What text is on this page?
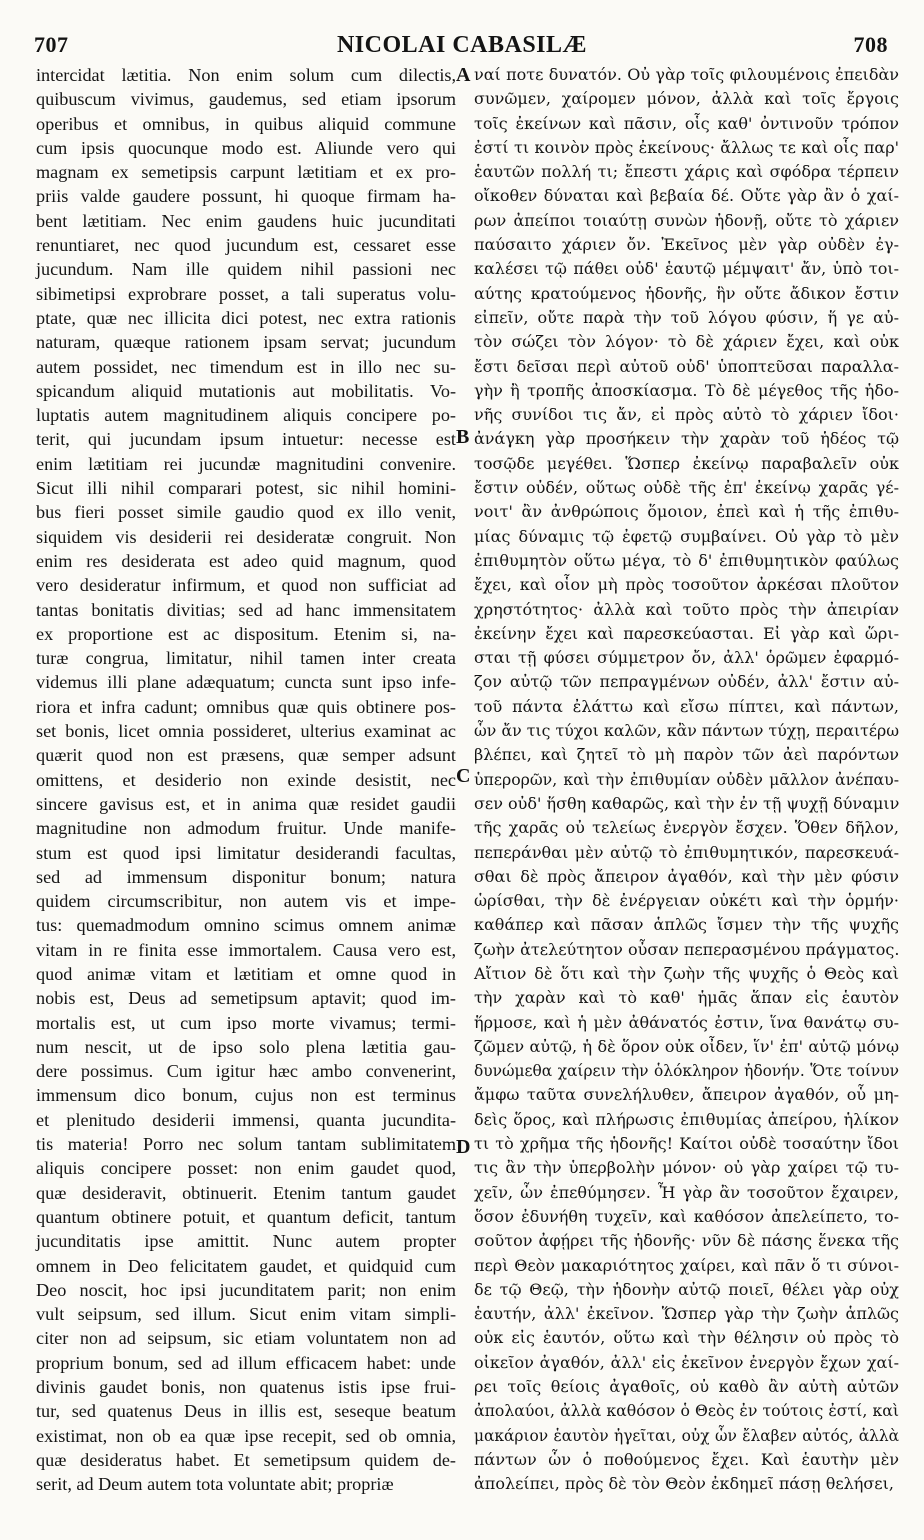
707	NICOLAI CABASILÆ	708
intercidat lætitia. Non enim solum cum dilectis,
quibuscum vivimus, gaudemus, sed etiam ipsorum
operibus et omnibus, in quibus aliquid commune
cum ipsis quocunque modo est. Aliunde vero qui
magnam ex semetipsis carpunt lætitiam et ex pro-
priis valde gaudere possunt, hi quoque firmam ha-
bent lætitiam. Nec enim gaudens huic jucunditati
renuntiaret, nec quod jucundum est, cessaret esse
jucundum. Nam ille quidem nihil passioni nec
sibimetipsi exprobrare posset, a tali superatus volu-
ptate, quæ nec illicita dici potest, nec extra rationis
naturam, quæque rationem ipsam servat; jucundum
autem possidet, nec timendum est in illo nec su-
spicandum aliquid mutationis aut mobilitatis. Vo-
luptatis autem magnitudinem aliquis concipere po-
terit, qui jucundam ipsum intuetur: necesse est
enim lætitiam rei jucundæ magnitudini convenire.
Sicut illi nihil comparari potest, sic nihil homini-
bus fieri posset simile gaudio quod ex illo venit,
siquidem vis desiderii rei desideratæ congruit. Non
enim res desiderata est adeo quid magnum, quod
vero desideratur infirmum, et quod non sufficiat ad
tantas bonitatis divitias; sed ad hanc immensitatem
ex proportione est ac dispositum. Etenim si, na-
turæ congrua, limitatur, nihil tamen inter creata
videmus illi plane adæquatum; cuncta sunt ipso infe-
riora et infra cadunt; omnibus quæ quis obtinere pos-
set bonis, licet omnia possideret, ulterius examinat ac
quærit quod non est præsens, quæ semper adsunt
omittens, et desiderio non exinde desistit, nec
sincere gavisus est, et in anima quæ residet gaudii
magnitudine non admodum fruitur. Unde manife-
stum est quod ipsi limitatur desiderandi facultas,
sed ad immensum disponitur bonum; natura
quidem circumscribitur, non autem vis et impe-
tus: quemadmodum omnino scimus omnem animæ
vitam in re finita esse immortalem. Causa vero est,
quod animæ vitam et lætitiam et omne quod in
nobis est, Deus ad semetipsum aptavit; quod im-
mortalis est, ut cum ipso morte vivamus; termi-
num nescit, ut de ipso solo plena lætitia gau-
dere possimus. Cum igitur hæc ambo convenerint,
immensum dico bonum, cujus non est terminus
et plenitudo desiderii immensi, quanta jucundita-
tis materia! Porro nec solum tantam sublimitatem
aliquis concipere posset: non enim gaudet quod,
quæ desideravit, obtinuerit. Etenim tantum gaudet
quantum obtinere potuit, et quantum deficit, tantum
jucunditatis ipse amittit. Nunc autem propter
omnem in Deo felicitatem gaudet, et quidquid cum
Deo noscit, hoc ipsi jucunditatem parit; non enim
vult seipsum, sed illum. Sicut enim vitam simpli-
citer non ad seipsum, sic etiam voluntatem non ad
proprium bonum, sed ad illum efficacem habet: unde
divinis gaudet bonis, non quatenus istis ipse frui-
tur, sed quatenus Deus in illis est, seseque beatum
existimat, non ob ea quæ ipse recepit, sed ob omnia,
quæ desideratus habet. Et semetipsum quidem de-
serit, ad Deum autem tota voluntate abit; propriæ
ναί ποτε δυνατόν. Οὐ γὰρ τοῖς φιλουμένοις ἐπειδὰν
συνῶμεν, χαίρομεν μόνον, ἀλλὰ καὶ τοῖς ἔργοις
τοῖς ἐκείνων καὶ πᾶσιν, οἷς καθ' ὀντινοῦν τρόπον
ἐστί τι κοινὸν πρὸς ἐκείνους· ἄλλως τε καὶ οἷς παρ'
ἑαυτῶν πολλή τι; ἔπεστι χάρις καὶ σφόδρα τέρπειν
οἴκοθεν δύναται καὶ βεβαία δέ. Οὔτε γὰρ ἂν ὁ χαί-
ρων ἀπείποι τοιαύτῃ συνὼν ἡδονῇ, οὔτε τὸ χάριεν
παύσαιτο χάριεν ὄν. Ἐκεῖνος μὲν γὰρ οὐδὲν ἐγ-
καλέσει τῷ πάθει οὐδ' ἑαυτῷ μέμψαιτ' ἄν, ὑπὸ τοι-
αύτης κρατούμενος ἡδονῆς, ἣν οὔτε ἄδικον ἔστιν
εἰπεῖν, οὔτε παρὰ τὴν τοῦ λόγου φύσιν, ἥ γε αὐ-
τὸν σώζει τὸν λόγον· τὸ δὲ χάριεν ἔχει, καὶ οὐκ
ἔστι δεῖσαι περὶ αὐτοῦ οὐδ' ὑποπτεῦσαι παραλλα-
γὴν ἢ τροπῆς ἀποσκίασμα. Τὸ δὲ μέγεθος τῆς ἡδο-
νῆς συνίδοι τις ἄν, εἰ πρὸς αὐτὸ τὸ χάριεν ἴδοι·
ἀνάγκη γὰρ προσήκειν τὴν χαρὰν τοῦ ἡδέος τῷ
τοσῷδε μεγέθει. Ὥσπερ ἐκείνῳ παραβαλεῖν οὐκ
ἔστιν οὐδέν, οὕτως οὐδὲ τῆς ἐπ' ἐκείνῳ χαρᾶς γέ-
νοιτ' ἂν ἀνθρώποις ὅμοιον, ἐπεὶ καὶ ἡ τῆς ἐπιθυ-
μίας δύναμις τῷ ἐφετῷ συμβαίνει. Οὐ γὰρ τὸ μὲν
ἐπιθυμητὸν οὕτω μέγα, τὸ δ' ἐπιθυμητικὸν φαύλως
ἔχει, καὶ οἷον μὴ πρὸς τοσοῦτον ἀρκέσαι πλοῦτον
χρηστότητος· ἀλλὰ καὶ τοῦτο πρὸς τὴν ἀπειρίαν
ἐκείνην ἔχει καὶ παρεσκεύασται. Εἰ γὰρ καὶ ὥρι-
σται τῇ φύσει σύμμετρον ὄν, ἀλλ' ὁρῶμεν ἐφαρμό-
ζον αὐτῷ τῶν πεπραγμένων οὐδέν, ἀλλ' ἔστιν αὐ-
τοῦ πάντα ἐλάττω καὶ εἴσω πίπτει, καὶ πάντων,
ὧν ἄν τις τύχοι καλῶν, κἂν πάντων τύχῃ, περαιτέρω
βλέπει, καὶ ζητεῖ τὸ μὴ παρὸν τῶν ἀεὶ παρόντων
ὑπερορῶν, καὶ τὴν ἐπιθυμίαν οὐδὲν μᾶλλον ἀνέπαυ-
σεν οὐδ' ἥσθη καθαρῶς, καὶ τὴν ἐν τῇ ψυχῇ δύναμιν
τῆς χαρᾶς οὐ τελείως ἐνεργὸν ἔσχεν. Ὅθεν δῆλον,
πεπεράνθαι μὲν αὐτῷ τὸ ἐπιθυμητικόν, παρεσκευά-
σθαι δὲ πρὸς ἄπειρον ἀγαθόν, καὶ τὴν μὲν φύσιν
ὡρίσθαι, τὴν δὲ ἐνέργειαν οὐκέτι καὶ τὴν ὁρμήν·
καθάπερ καὶ πᾶσαν ἁπλῶς ἴσμεν τὴν τῆς ψυχῆς
ζωὴν ἀτελεύτητον οὖσαν πεπερασμένου πράγματος.
Αἴτιον δὲ ὅτι καὶ τὴν ζωὴν τῆς ψυχῆς ὁ Θεὸς καὶ
τὴν χαρὰν καὶ τὸ καθ' ἡμᾶς ἅπαν εἰς ἑαυτὸν
ἥρμοσε, καὶ ἡ μὲν ἀθάνατός ἐστιν, ἵνα θανάτῳ συ-
ζῶμεν αὐτῷ, ἡ δὲ ὅρον οὐκ οἶδεν, ἵν' ἐπ' αὐτῷ μόνῳ
δυνώμεθα χαίρειν τὴν ὁλόκληρον ἡδονήν. Ὅτε τοίνυν
ἄμφω ταῦτα συνελήλυθεν, ἄπειρον ἀγαθόν, οὗ μη-
δεὶς ὅρος, καὶ πλήρωσις ἐπιθυμίας ἀπείρου, ἡλίκον
τι τὸ χρῆμα τῆς ἡδονῆς! Καίτοι οὐδὲ τοσαύτην ἴδοι
τις ἂν τὴν ὑπερβολὴν μόνον· οὐ γὰρ χαίρει τῷ τυ-
χεῖν, ὧν ἐπεθύμησεν. Ἦ γὰρ ἂν τοσοῦτον ἔχαιρεν,
ὅσον ἐδυνήθη τυχεῖν, καὶ καθόσον ἀπελείπετο, το-
σοῦτον ἀφῄρει τῆς ἡδονῆς· νῦν δὲ πάσης ἕνεκα τῆς
περὶ Θεὸν μακαριότητος χαίρει, καὶ πᾶν ὅ τι σύνοι-
δε τῷ Θεῷ, τὴν ἡδονὴν αὐτῷ ποιεῖ, θέλει γὰρ οὐχ
ἑαυτήν, ἀλλ' ἐκεῖνον. Ὥσπερ γὰρ τὴν ζωὴν ἁπλῶς
οὐκ εἰς ἑαυτόν, οὕτω καὶ τὴν θέλησιν οὐ πρὸς τὸ
οἰκεῖον ἀγαθόν, ἀλλ' εἰς ἐκεῖνον ἐνεργὸν ἔχων χαί-
ρει τοῖς θείοις ἀγαθοῖς, οὐ καθὸ ἂν αὐτὴ αὐτῶν
ἀπολαύοι, ἀλλὰ καθόσον ὁ Θεὸς ἐν τούτοις ἐστί, καὶ
μακάριον ἑαυτὸν ἡγεῖται, οὐχ ὧν ἔλαβεν αὐτός, ἀλλὰ
πάντων ὧν ὁ ποθούμενος ἔχει. Καὶ ἑαυτὴν μὲν
ἀπολείπει, πρὸς δὲ τὸν Θεὸν ἐκδημεῖ πάσῃ θελήσει,
A
B
C
D
